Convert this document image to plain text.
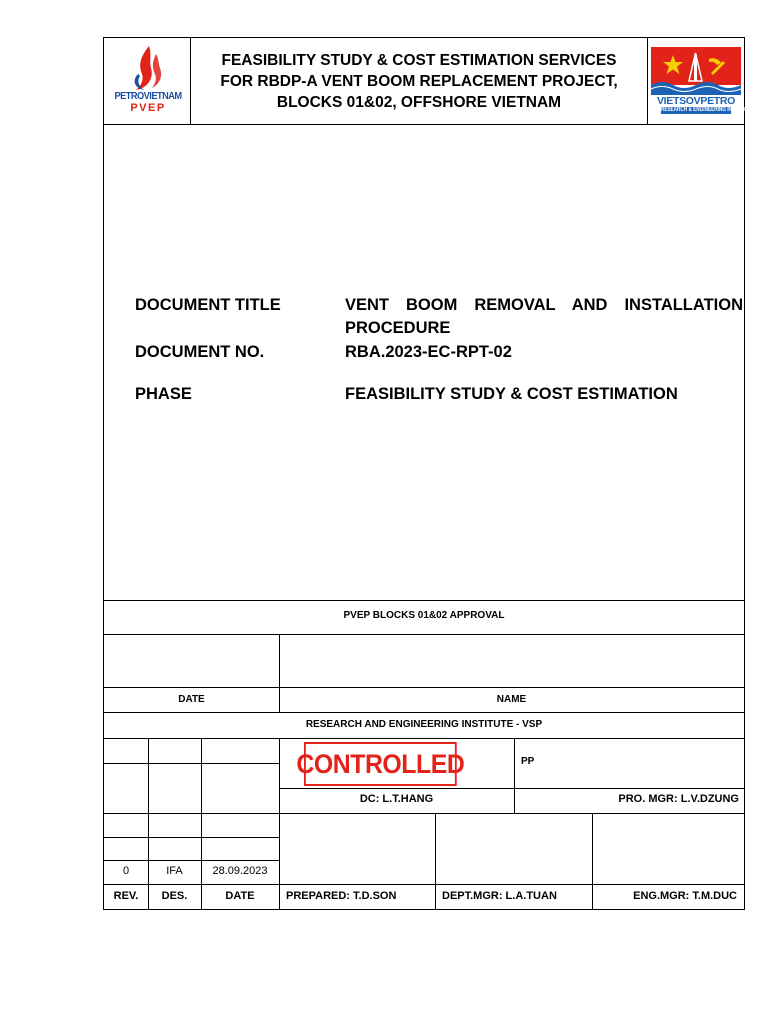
PETROVIETNAM
PVEP
FEASIBILITY STUDY & COST ESTIMATION SERVICES
FOR RBDP-A VENT BOOM REPLACEMENT PROJECT,
BLOCKS 01&02, OFFSHORE VIETNAM	VIETSOVPETRO
RESEARCH & ENGINEERING INSTITUTE
DOCUMENT TITLE	VENT BOOM REMOVAL AND INSTALLATION
PROCEDURE
DOCUMENT NO.	RBA.2023-EC-RPT-02
PHASE	FEASIBILITY STUDY & COST ESTIMATION
PVEP BLOCKS 01&02 APPROVAL
DATE	NAME
RESEARCH AND ENGINEERING INSTITUTE - VSP
CONTROLLED	PP
DC: L.T.HANG	PRO. MGR: L.V.DZUNG
0	IFA	28.09.2023
REV.	DES.	DATE	PREPARED: T.D.SON	DEPT.MGR: L.A.TUAN	ENG.MGR: T.M.DUC
